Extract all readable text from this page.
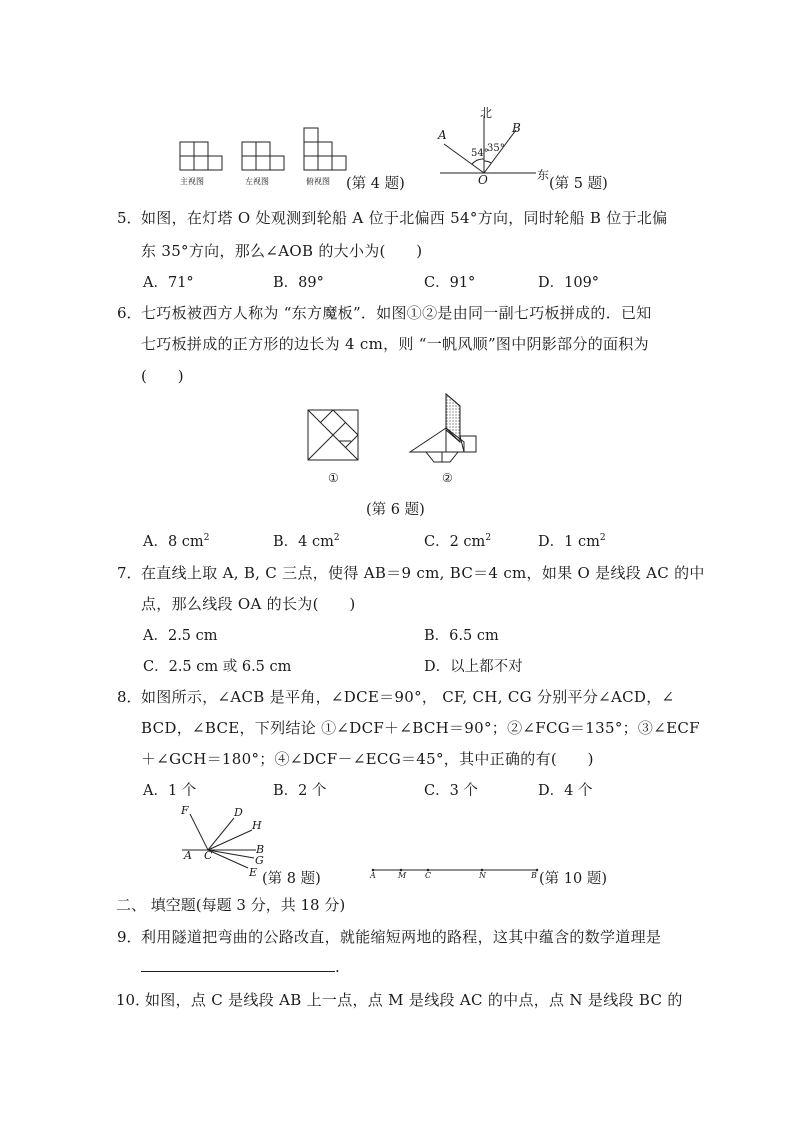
主视图	左视图	俯视图 (第 4 题)
北
A	B
54°
35°
O	东
(第 5 题)
5． 如图，在灯塔 O 处观测到轮船 A 位于北偏西 54°方向，同时轮船 B 位于北偏
东 35°方向，那么∠AOB 的大小为(　　)
A．71°	B．89°	C．91°	D．109°
6． 七巧板被西方人称为 “东方魔板”．如图①②是由同一副七巧板拼成的．已知
七巧板拼成的正方形的边长为 4 cm，则 “一帆风顺”图中阴影部分的面积为
(　　)
①	②
(第 6 题)
A．8 $cm^2$	B．4 $cm^2$	C．2 $cm^2$	D．1 $cm^2$
7． 在直线上取 A, B, C 三点，使得 AB＝9 cm, BC＝4 cm，如果 O 是线段 AC 的中
点，那么线段 OA 的长为(　　)
A．2.5 cm	B．6.5 cm
C．2.5 cm 或 6.5 cm	D．以上都不对
8． 如图所示，∠ACB 是平角，∠DCE＝90°， CF, CH, CG 分别平分∠ACD，∠
BCD，∠BCE，下列结论 ①∠DCF＋∠BCH＝90°；②∠FCG＝135°；③∠ECF
＋∠GCH＝180°；④∠DCF－∠ECG＝45°，其中正确的有(　　)
A．1 个	B．2 个	C．3 个	D．4 个
F	D
H
B
G
E
A C
(第 8 题)	A	M C	N	B (第 10 题)
二、 填空题(每题 3 分，共 18 分)
9． 利用隧道把弯曲的公路改直，就能缩短两地的路程，这其中蕴含的数学道理是
.
10．
如图，点 C 是线段 AB 上一点，点 M 是线段 AC 的中点，点 N 是线段 BC 的
